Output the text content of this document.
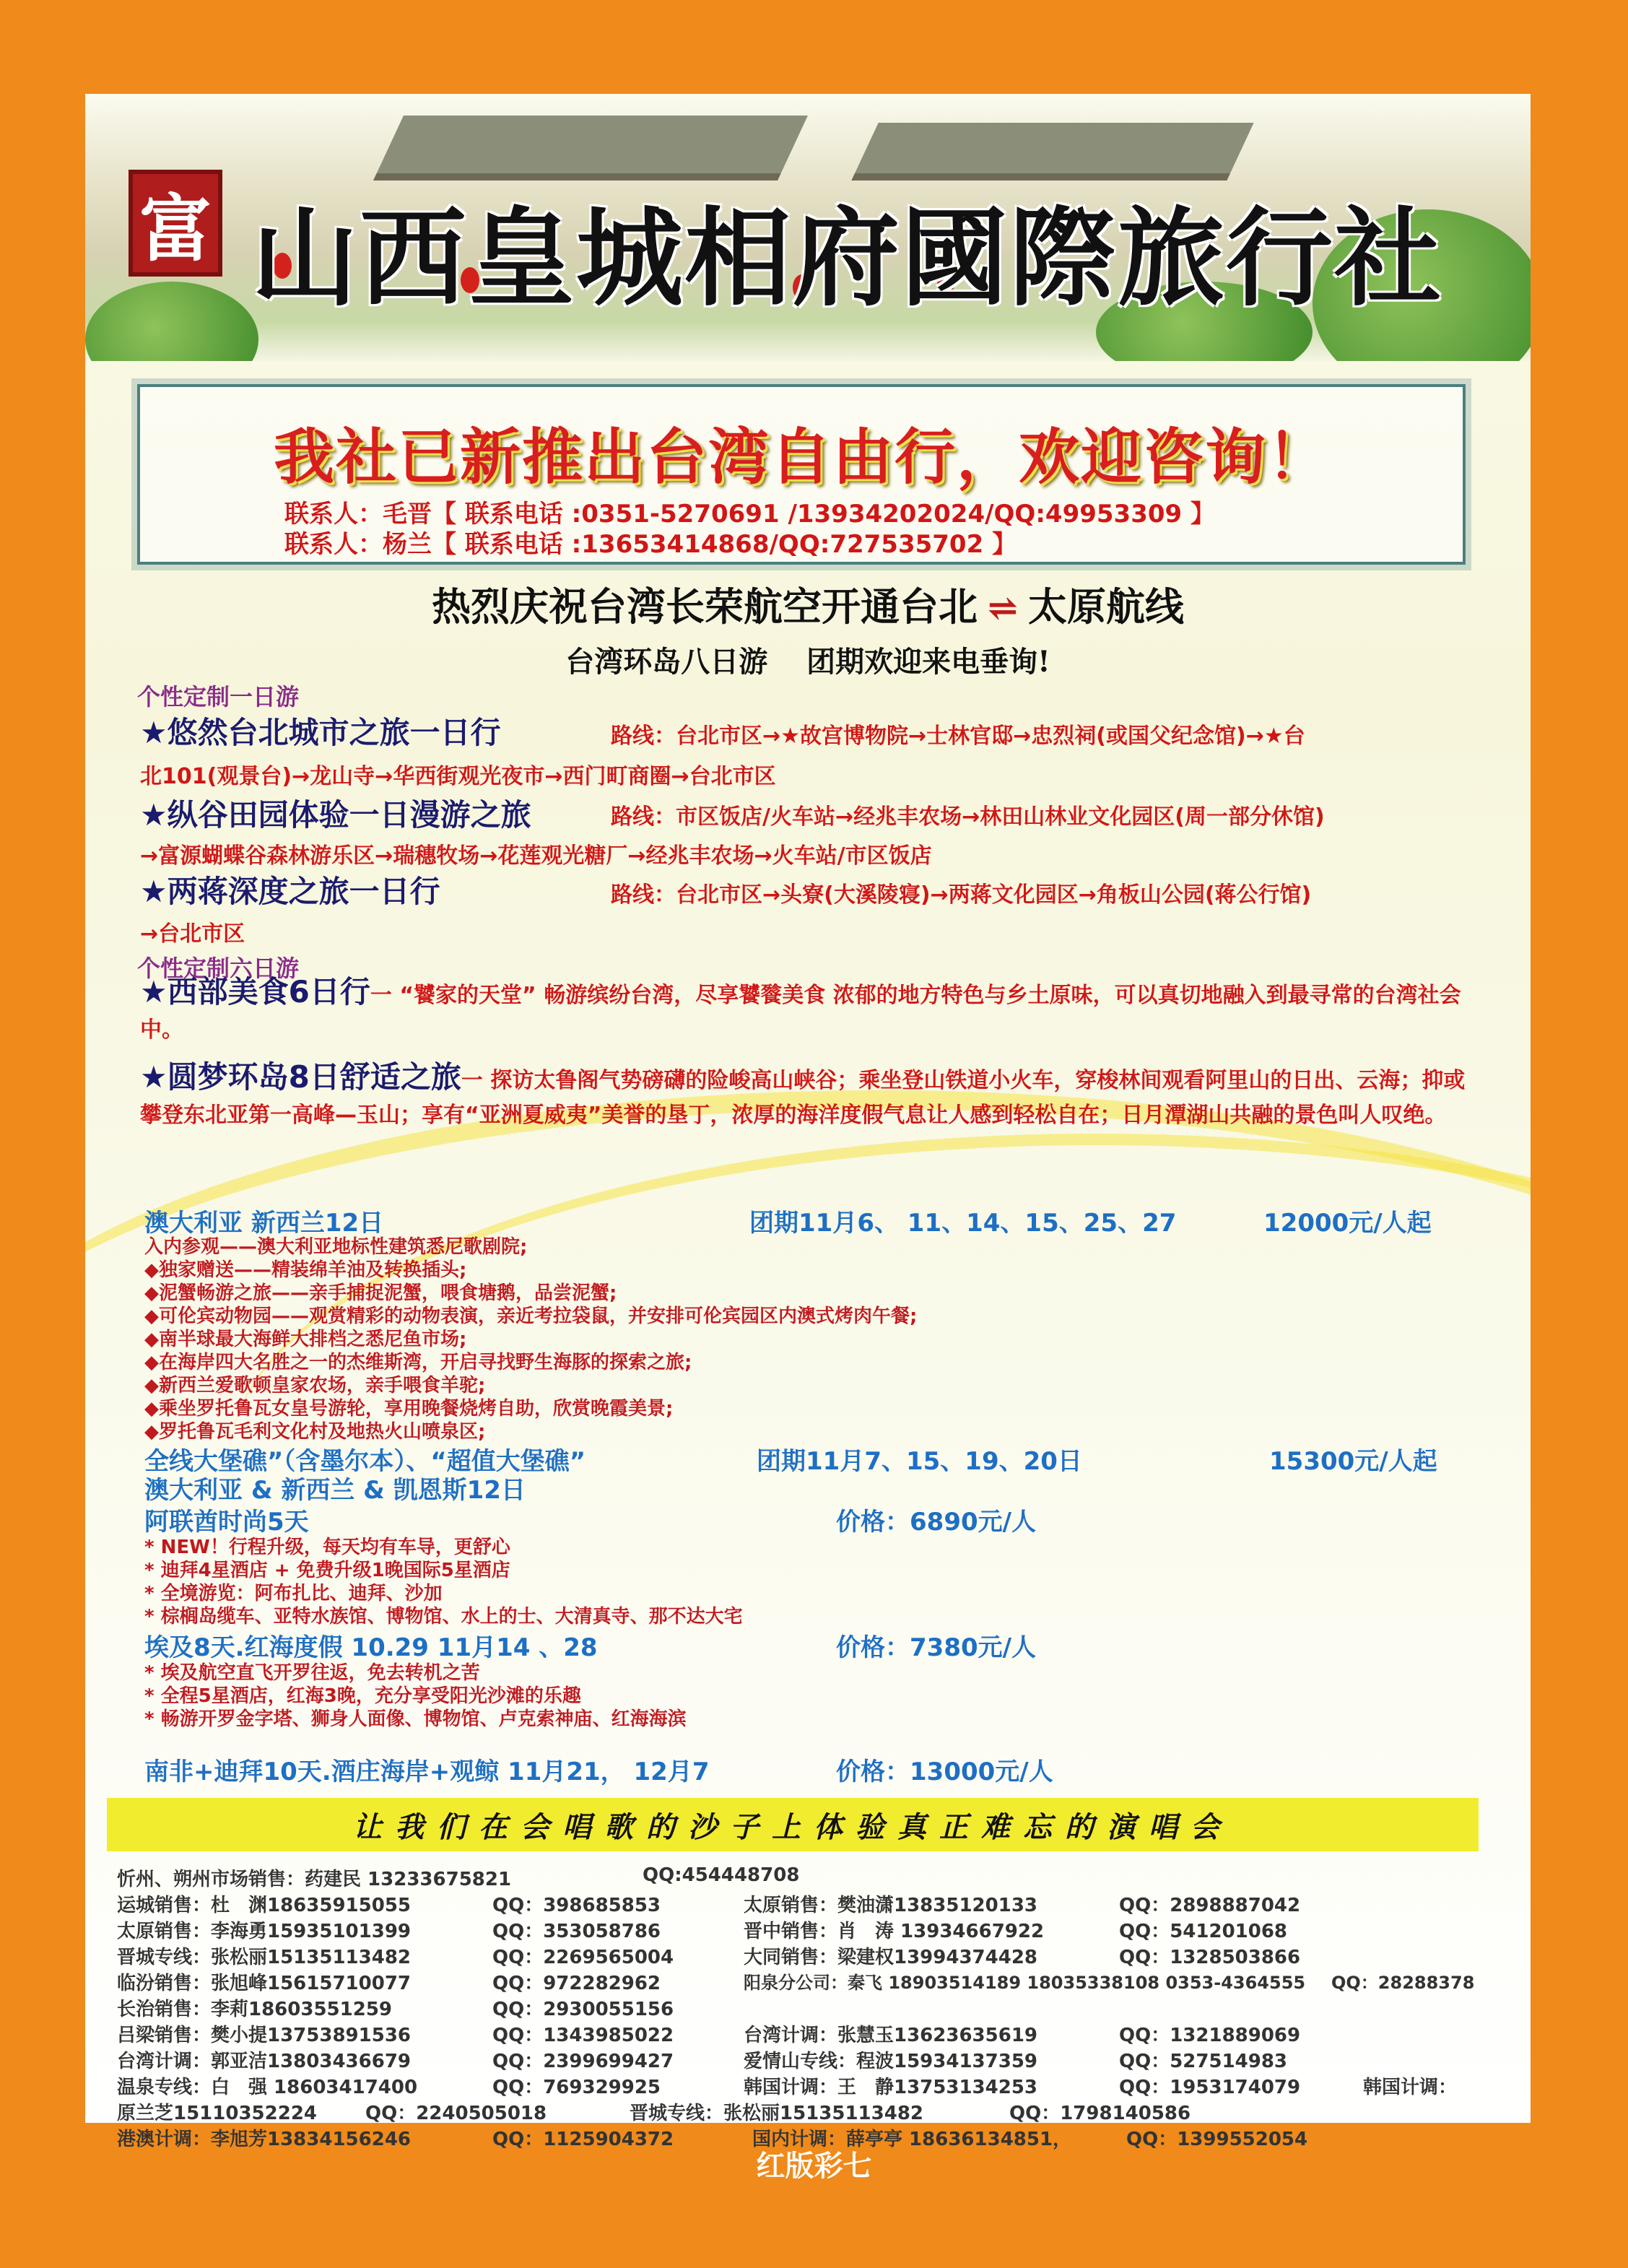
富 山西皇城相府國際旅行社
我社已新推出台湾自由行，欢迎咨询！
联系人：毛晋【 联系电话 :0351-5270691 /13934202024/QQ:49953309 】
联系人：杨兰【 联系电话 :13653414868/QQ:727535702 】
热烈庆祝台湾长荣航空开通台北 ⇌ 太原航线
台湾环岛八日游 团期欢迎来电垂询!
个性定制一日游
★悠然台北城市之旅一日行	路线：台北市区→★故宫博物院→士林官邸→忠烈祠(或国父纪念馆)→★台
北101(观景台)→龙山寺→华西街观光夜市→西门町商圈→台北市区
★纵谷田园体验一日漫游之旅	路线：市区饭店/火车站→经兆丰农场→林田山林业文化园区(周一部分休馆)
→富源蝴蝶谷森林游乐区→瑞穗牧场→花莲观光糖厂→经兆丰农场→火车站/市区饭店
★两蒋深度之旅一日行	路线：台北市区→头寮(大溪陵寝)→两蒋文化园区→角板山公园(蒋公行馆)
→台北市区
个性定制六日游
★西部美食6日行一 “饕家的天堂” 畅游缤纷台湾，尽享饕餮美食 浓郁的地方特色与乡土原味，可以真切地融入到最寻常的台湾社会中。
★圆梦环岛8日舒适之旅一 探访太鲁阁气势磅礴的险峻高山峡谷；乘坐登山铁道小火车，穿梭林间观看阿里山的日出、云海；抑或攀登东北亚第一高峰—玉山；享有“亚洲夏威夷”美誉的垦丁，浓厚的海洋度假气息让人感到轻松自在；日月潭湖山共融的景色叫人叹绝。
澳大利亚 新西兰12日	团期11月6、 11、14、15、25、27	12000元/人起
入内参观——澳大利亚地标性建筑悉尼歌剧院;
◆独家赠送——精装绵羊油及转换插头;
◆泥蟹畅游之旅——亲手捕捉泥蟹，喂食塘鹅，品尝泥蟹;
◆可伦宾动物园——观赏精彩的动物表演，亲近考拉袋鼠，并安排可伦宾园区内澳式烤肉午餐;
◆南半球最大海鲜大排档之悉尼鱼市场;
◆在海岸四大名胜之一的杰维斯湾，开启寻找野生海豚的探索之旅;
◆新西兰爱歌顿皇家农场，亲手喂食羊驼;
◆乘坐罗托鲁瓦女皇号游轮，享用晚餐烧烤自助，欣赏晚霞美景;
◆罗托鲁瓦毛利文化村及地热火山喷泉区;
全线大堡礁”（含墨尔本）、“超值大堡礁”	团期11月7、15、19、20日	15300元/人起
澳大利亚 & 新西兰 & 凯恩斯12日
阿联酋时尚5天	价格：6890元/人
* NEW！行程升级，每天均有车导，更舒心
* 迪拜4星酒店 + 免费升级1晚国际5星酒店
* 全境游览：阿布扎比、迪拜、沙加
* 棕榈岛缆车、亚特水族馆、博物馆、水上的士、大清真寺、那不达大宅
埃及8天.红海度假 10.29 11月14 、28	价格：7380元/人
* 埃及航空直飞开罗往返，免去转机之苦
* 全程5星酒店，红海3晚，充分享受阳光沙滩的乐趣
* 畅游开罗金字塔、狮身人面像、博物馆、卢克索神庙、红海海滨
南非+迪拜10天.酒庄海岸+观鲸 11月21， 12月7	价格：13000元/人
让我们在会唱歌的沙子上体验真正难忘的演唱会
忻州、朔州市场销售：药建民 13233675821	QQ:454448708
运城销售：杜　渊18635915055	QQ：398685853	太原销售：樊油潇13835120133	QQ：2898887042
太原销售：李海勇15935101399	QQ：353058786	晋中销售：肖　涛 13934667922	QQ：541201068
晋城专线：张松丽15135113482	QQ：2269565004	大同销售：梁建权13994374428	QQ：1328503866
临汾销售：张旭峰15615710077	QQ：972282962	阳泉分公司：秦飞 18903514189 18035338108 0353-4364555 QQ：28288378
长治销售：李莉18603551259	QQ：2930055156
吕梁销售：樊小提13753891536	QQ：1343985022	台湾计调：张慧玉13623635619	QQ：1321889069
台湾计调：郭亚洁13803436679	QQ：2399699427	爱情山专线：程波15934137359	QQ：527514983
温泉专线：白　强 18603417400	QQ：769329925	韩国计调：王　静13753134253	QQ：1953174079	韩国计调：
原兰芝15110352224	QQ：2240505018	晋城专线：张松丽15135113482	QQ：1798140586
港澳计调：李旭芳13834156246	QQ：1125904372	国内计调：薛亭亭 18636134851，	QQ：1399552054
红版彩七
